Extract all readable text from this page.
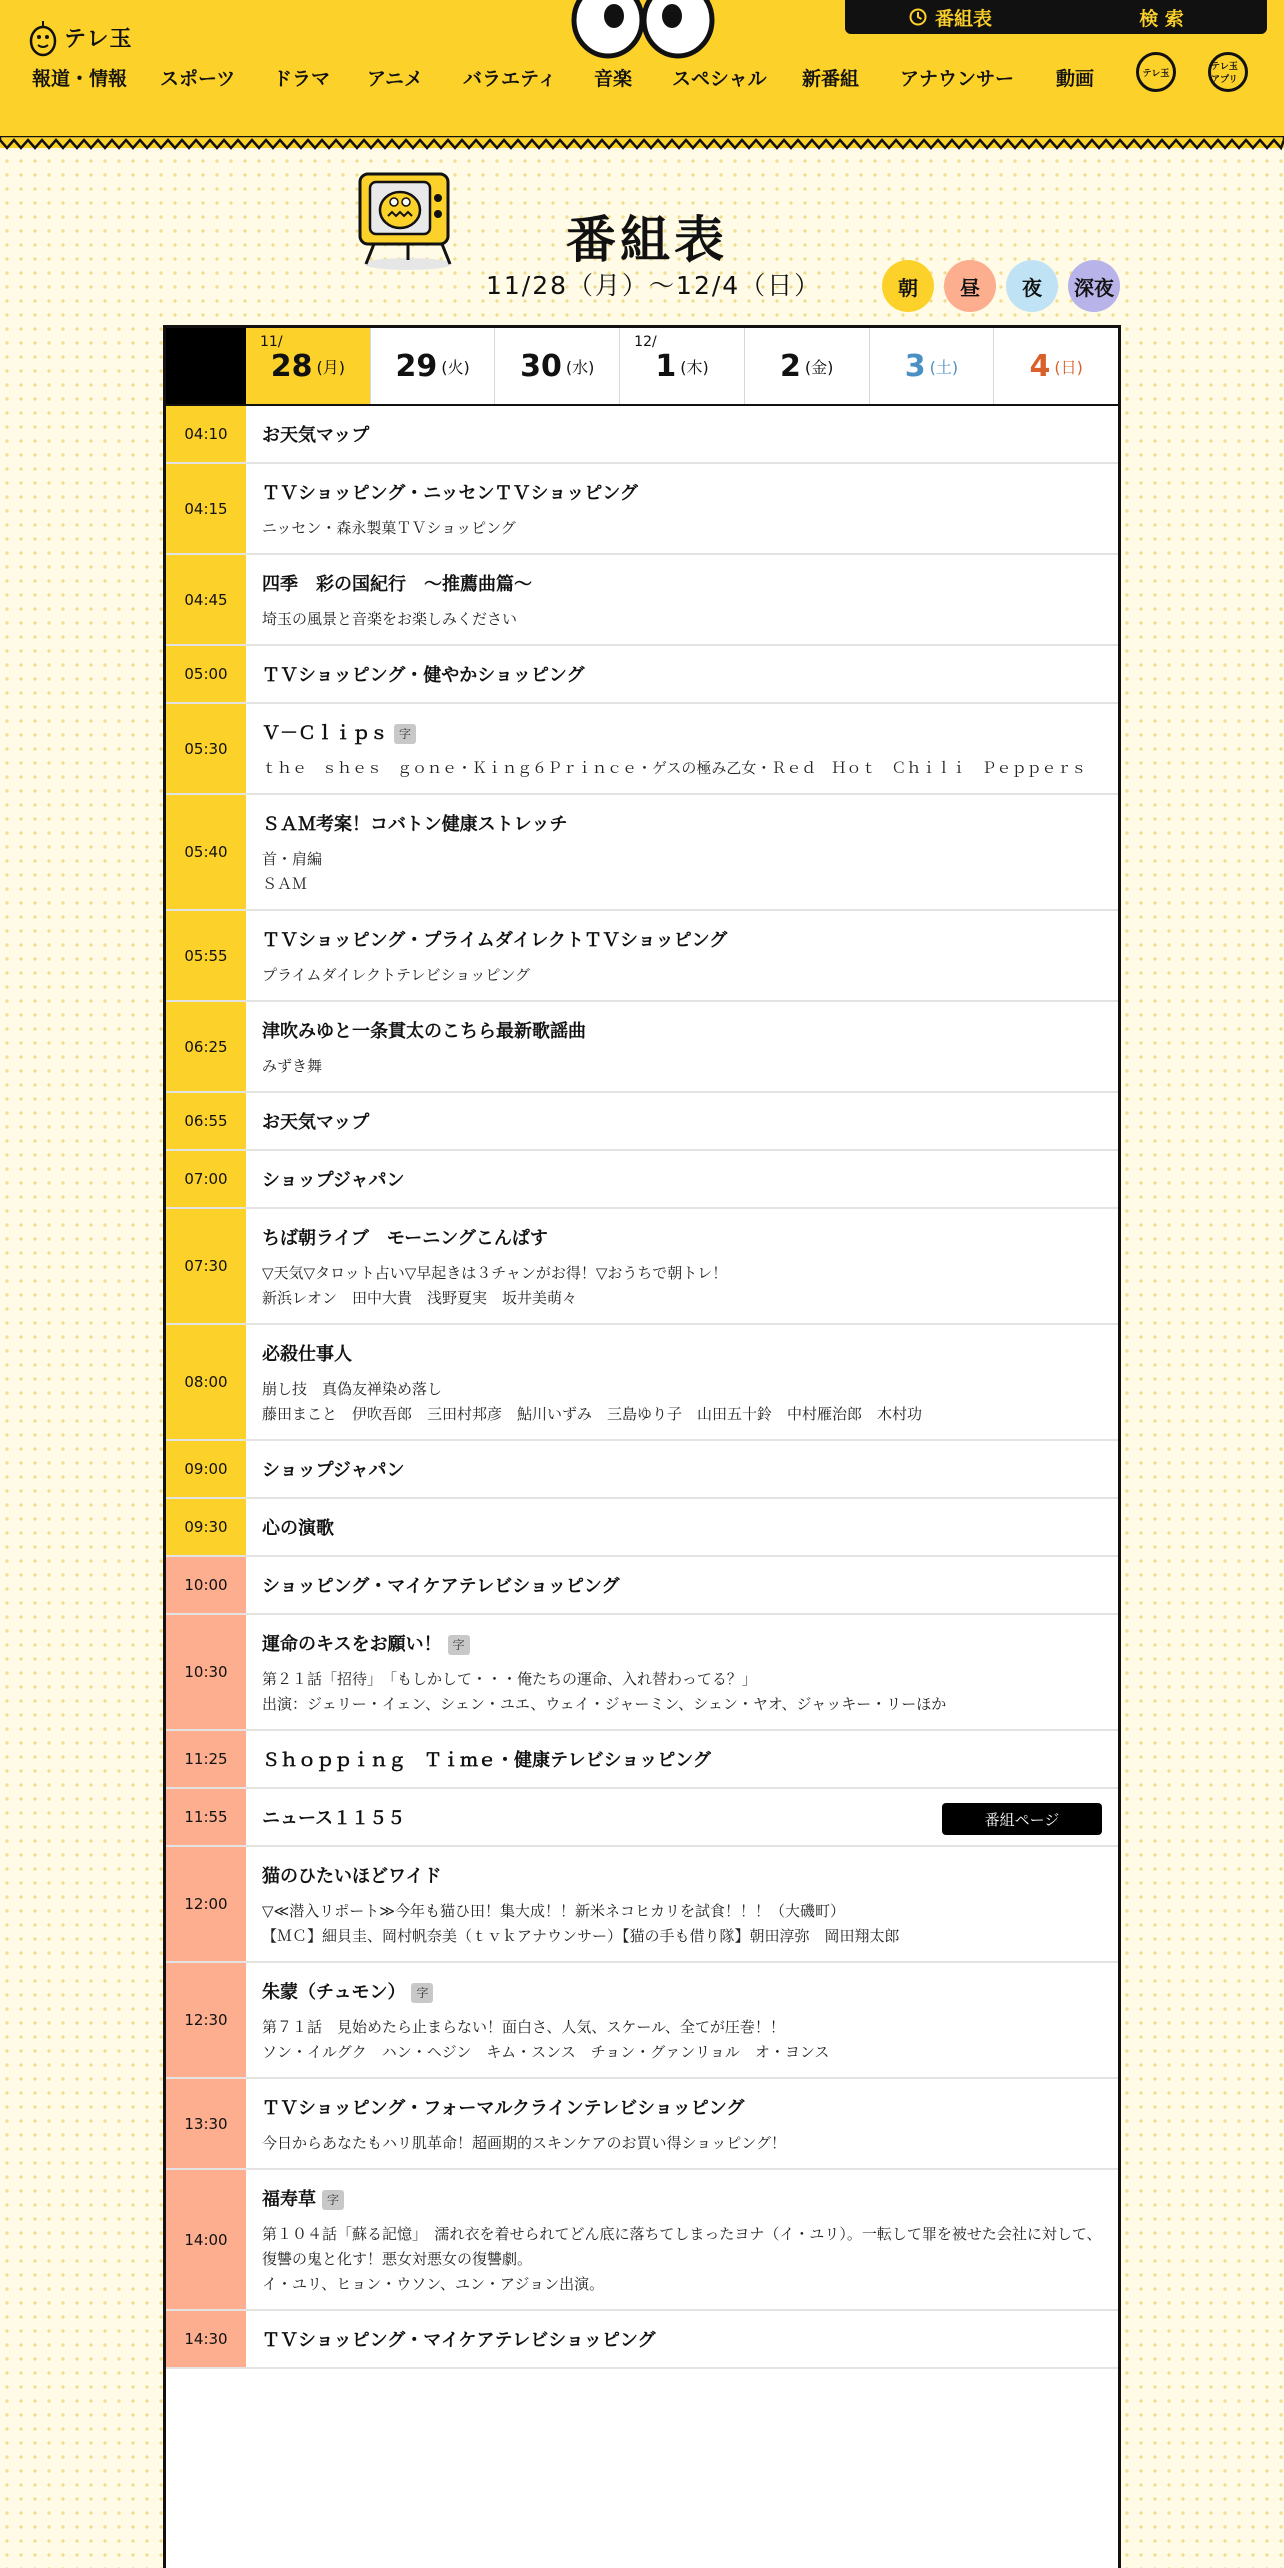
テレ玉
番組表	検 索
報道・情報 スポーツ ドラマ アニメ バラエティ 音楽 スペシャル 新番組 アナウンサー 動画	テレ玉
テレ玉アプリ
番組表
11/28（月）〜12/4（日）	朝 昼 夜 深夜
11/
28 (月) 29 (火) 30 (水)
12/
1 (木) 2 (金) 3 (土) 4 (日)
04:10	お天気マップ
04:15
ＴＶショッピング・ニッセンＴＶショッピング
ニッセン・森永製菓ＴＶショッピング
04:45
四季　彩の国紀行　～推薦曲篇～
埼玉の風景と音楽をお楽しみください
05:00	ＴＶショッピング・健やかショッピング
05:30
Ｖ－Ｃｌｉｐｓ 字
ｔｈｅ　ｓｈｅｓ　ｇｏｎｅ・Ｋｉｎｇ６Ｐｒｉｎｃｅ・ゲスの極み乙女・Ｒｅｄ　Ｈｏｔ　Ｃｈｉｌｉ　Ｐｅｐｐｅｒｓ
05:40
ＳＡＭ考案！コバトン健康ストレッチ
首・肩編
ＳＡＭ
05:55
ＴＶショッピング・プライムダイレクトＴＶショッピング
プライムダイレクトテレビショッピング
06:25
津吹みゆと一条貫太のこちら最新歌謡曲
みずき舞
06:55	お天気マップ
07:00	ショップジャパン
07:30
ちば朝ライブ　モーニングこんぱす
▽天気▽タロット占い▽早起きは３チャンがお得！▽おうちで朝トレ！
新浜レオン　田中大貴　浅野夏実　坂井美萌々
08:00
必殺仕事人
崩し技　真偽友禅染め落し
藤田まこと　伊吹吾郎　三田村邦彦　鮎川いずみ　三島ゆり子　山田五十鈴　中村雁治郎　木村功
09:00	ショップジャパン
09:30	心の演歌
10:00	ショッピング・マイケアテレビショッピング
10:30
運命のキスをお願い！ 字
第２１話「招待」　「もしかして・・・俺たちの運命、入れ替わってる？」
出演：ジェリー・イェン、シェン・ユエ、ウェイ・ジャーミン、シェン・ヤオ、ジャッキー・リーほか
11:25	Ｓｈｏｐｐｉｎｇ　Ｔｉｍｅ・健康テレビショッピング
11:55	ニュース１１５５	番組ページ
12:00
猫のひたいほどワイド
▽≪潜入リポート≫今年も猫ひ田！集大成！！新米ネコヒカリを試食！！！（大磯町）
【ＭＣ】細貝圭、岡村帆奈美（ｔｖｋアナウンサー）【猫の手も借り隊】朝田淳弥　岡田翔太郎
12:30
朱蒙（チュモン） 字
第７１話　見始めたら止まらない！面白さ、人気、スケール、全てが圧巻！！
ソン・イルグク　ハン・ヘジン　キム・スンス　チョン・グァンリョル　オ・ヨンス
13:30
ＴＶショッピング・フォーマルクラインテレビショッピング
今日からあなたもハリ肌革命！超画期的スキンケアのお買い得ショッピング！
14:00
福寿草 字
第１０４話「蘇る記憶」　濡れ衣を着せられてどん底に落ちてしまったヨナ（イ・ユリ）。一転して罪を被せた会社に対して、復讐の鬼と化す！悪女対悪女の復讐劇。
イ・ユリ、ヒョン・ウソン、ユン・アジョン出演。
14:30	ＴＶショッピング・マイケアテレビショッピング
